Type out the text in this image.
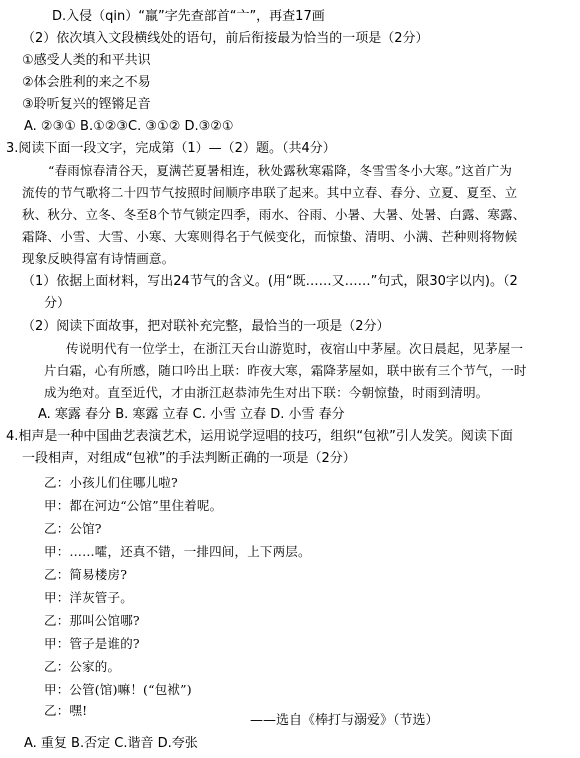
D.入侵（qin）“羸”字先查部首“亠”，再查17画
（2）依次填入文段横线处的语句，前后衔接最为恰当的一项是（2分）
①感受人类的和平共识
②体会胜利的来之不易
③聆听复兴的铿锵足音
A. ②③① B.①②③C. ③①② D.③②①
3.阅读下面一段文字，完成第（1）—（2）题。（共4分）
“春雨惊春清谷天，夏满芒夏暑相连，秋处露秋寒霜降，冬雪雪冬小大寒。”这首广为
流传的节气歌将二十四节气按照时间顺序串联了起来。其中立春、春分、立夏、夏至、立
秋、秋分、立冬、冬至8个节气锁定四季，雨水、谷雨、小暑、大暑、处暑、白露、寒露、
霜降、小雪、大雪、小寒、大寒则得名于气候变化，而惊蛰、清明、小满、芒种则将物候
现象反映得富有诗情画意。
（1）依据上面材料，写出24节气的含义。(用“既……又……”句式，限30字以内)。（2
分）
（2）阅读下面故事，把对联补充完整，最恰当的一项是（2分）
传说明代有一位学士，在浙江天台山游览时，夜宿山中茅屋。次日晨起，见茅屋一
片白霜，心有所感，随口吟出上联：昨夜大寒，霜降茅屋如，联中嵌有三个节气，一时
成为绝对。直至近代，才由浙江赵恭沛先生对出下联：今朝惊蛰，时雨到清明。
A. 寒露 春分 B. 寒露 立春 C. 小雪 立春 D. 小雪 春分
4.相声是一种中国曲艺表演艺术，运用说学逗唱的技巧，组织“包袱”引人发笑。阅读下面
一段相声，对组成“包袱”的手法判断正确的一项是（2分）
乙：小孩儿们住哪儿啦?
甲：都在河边“公馆”里住着呢。
乙：公馆?
甲：……嚯，还真不错，一排四间，上下两层。
乙：简易楼房?
甲：洋灰管子。
乙：那叫公馆哪?
甲：管子是谁的?
乙：公家的。
甲：公管(馆)嘛！(“包袱”)
乙：嘿!
——选自《棒打与溺爱》（节选）
A. 重复 B.否定 C.谐音 D.夸张
